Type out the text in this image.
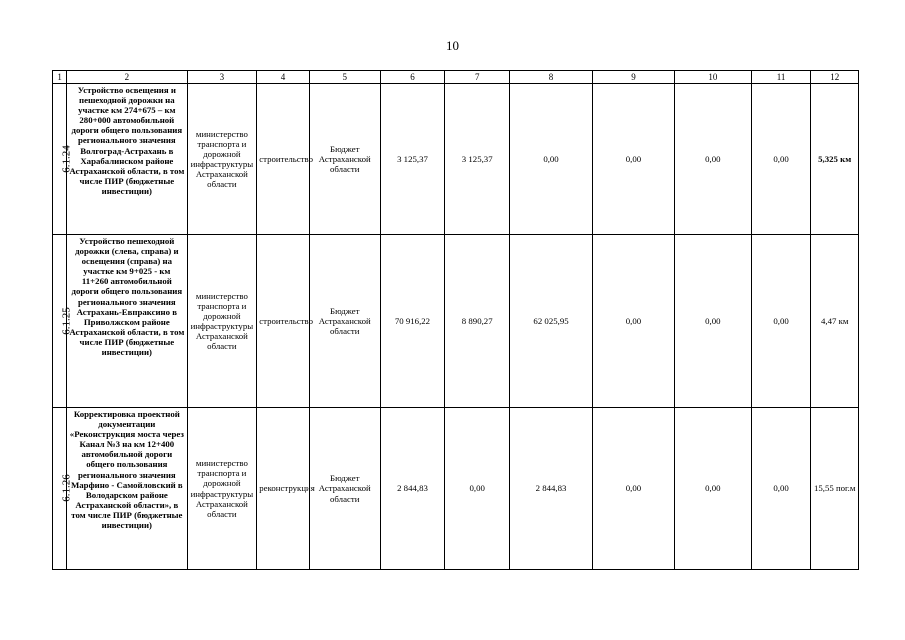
10
1	2	3	4	5	6	7	8	9	10	11	12
6.1.24	Устройство освещения и пешеходной дорожки на участке км 274+675 – км 280+000 автомобильной дороги общего пользования регионального значения Волгоград-Астрахань в Харабалинском районе Астраханской области, в том числе ПИР (бюджетные инвестиции)	министерство транспорта и дорожной инфраструктуры Астраханской области	строительство	Бюджет Астраханской области	3 125,37	3 125,37	0,00	0,00	0,00	0,00	5,325 км
6.1.25	Устройство пешеходной дорожки (слева, справа) и освещения (справа) на участке км 9+025 - км 11+260 автомобильной дороги общего пользования регионального значения Астрахань-Евпраксино в Приволжском районе Астраханской области, в том числе ПИР (бюджетные инвестиции)	министерство транспорта и дорожной инфраструктуры Астраханской области	строительство	Бюджет Астраханской области	70 916,22	8 890,27	62 025,95	0,00	0,00	0,00	4,47 км
6.1.26	Корректировка проектной документации «Реконструкция моста через Канал №3 на км 12+400 автомобильной дороги общего пользования регионального значения Марфино - Самойловский в Володарском районе Астраханской области», в том числе ПИР (бюджетные инвестиции)	министерство транспорта и дорожной инфраструктуры Астраханской области	реконструкция	Бюджет Астраханской области	2 844,83	0,00	2 844,83	0,00	0,00	0,00	15,55 пог.м
